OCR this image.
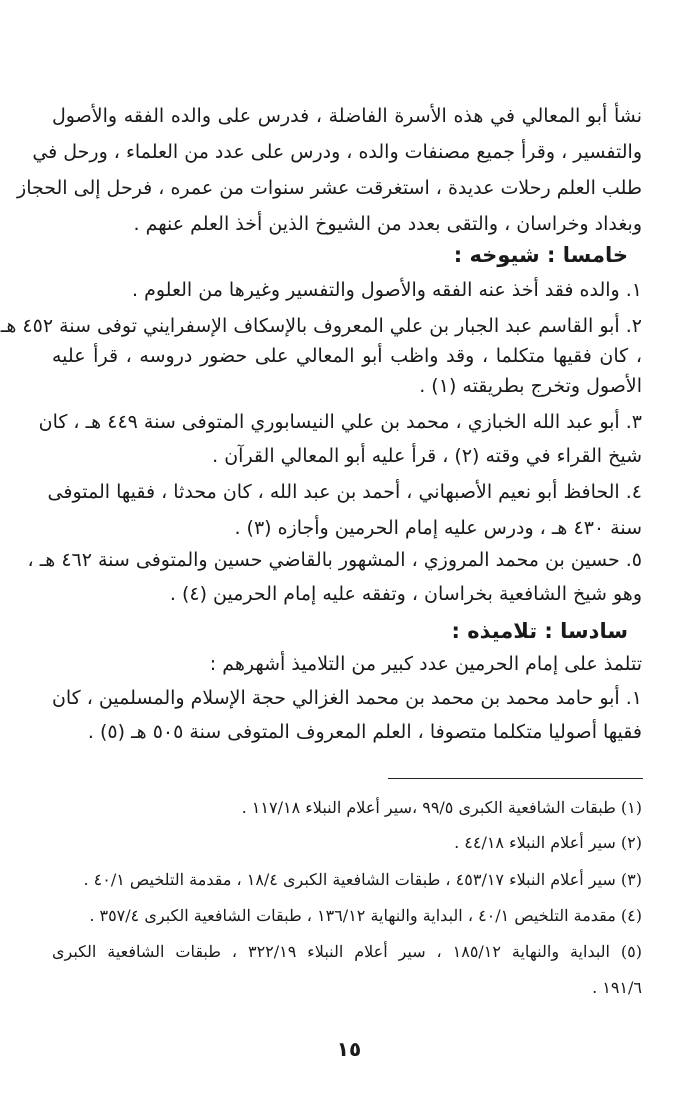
نشأ أبو المعالي في هذه الأسرة الفاضلة ، فدرس على والده الفقه والأصول
والتفسير ، وقرأ جميع مصنفات والده ، ودرس على عدد من العلماء ، ورحل في
طلب العلم رحلات عديدة ، استغرقت عشر سنوات من عمره ، فرحل إلى الحجاز
وبغداد وخراسان ، والتقى بعدد من الشيوخ الذين أخذ العلم عنهم .
خامسا : شيوخه :
١. والده فقد أخذ عنه الفقه والأصول والتفسير وغيرها من العلوم .
٢. أبو القاسم عبد الجبار بن علي المعروف بالإسكاف الإسفرايني توفى سنة ٤٥٢ هـ
، كان فقيها متكلما ، وقد واظب أبو المعالي على حضور دروسه ، قرأ عليه
الأصول وتخرج بطريقته (١) .
٣. أبو عبد الله الخبازي ، محمد بن علي النيسابوري المتوفى سنة ٤٤٩ هـ ، كان
شيخ القراء في وقته (٢) ، قرأ عليه أبو المعالي القرآن .
٤. الحافظ أبو نعيم الأصبهاني ، أحمد بن عبد الله ، كان محدثا ، فقيها المتوفى
سنة ٤٣٠ هـ ، ودرس عليه إمام الحرمين وأجازه (٣) .
٥. حسين بن محمد المروزي ، المشهور بالقاضي حسين والمتوفى سنة ٤٦٢ هـ ،
وهو شيخ الشافعية بخراسان ، وتفقه عليه إمام الحرمين (٤) .
سادسا : تلاميذه :
تتلمذ على إمام الحرمين عدد كبير من التلاميذ أشهرهم :
١. أبو حامد محمد بن محمد بن محمد الغزالي حجة الإسلام والمسلمين ، كان
فقيها أصوليا متكلما متصوفا ، العلم المعروف المتوفى سنة ٥٠٥ هـ (٥) .
(١) طبقات الشافعية الكبرى ٩٩/٥ ،سير أعلام النبلاء ١١٧/١٨ .
(٢) سير أعلام النبلاء ٤٤/١٨ .
(٣) سير أعلام النبلاء ٤٥٣/١٧ ، طبقات الشافعية الكبرى ١٨/٤ ، مقدمة التلخيص ٤٠/١ .
(٤) مقدمة التلخيص ٤٠/١ ، البداية والنهاية ١٣٦/١٢ ، طبقات الشافعية الكبرى ٣٥٧/٤ .
(٥) البداية والنهاية ١٨٥/١٢ ، سير أعلام النبلاء ٣٢٢/١٩ ، طبقات الشافعية الكبرى
١٩١/٦ .
١٥
